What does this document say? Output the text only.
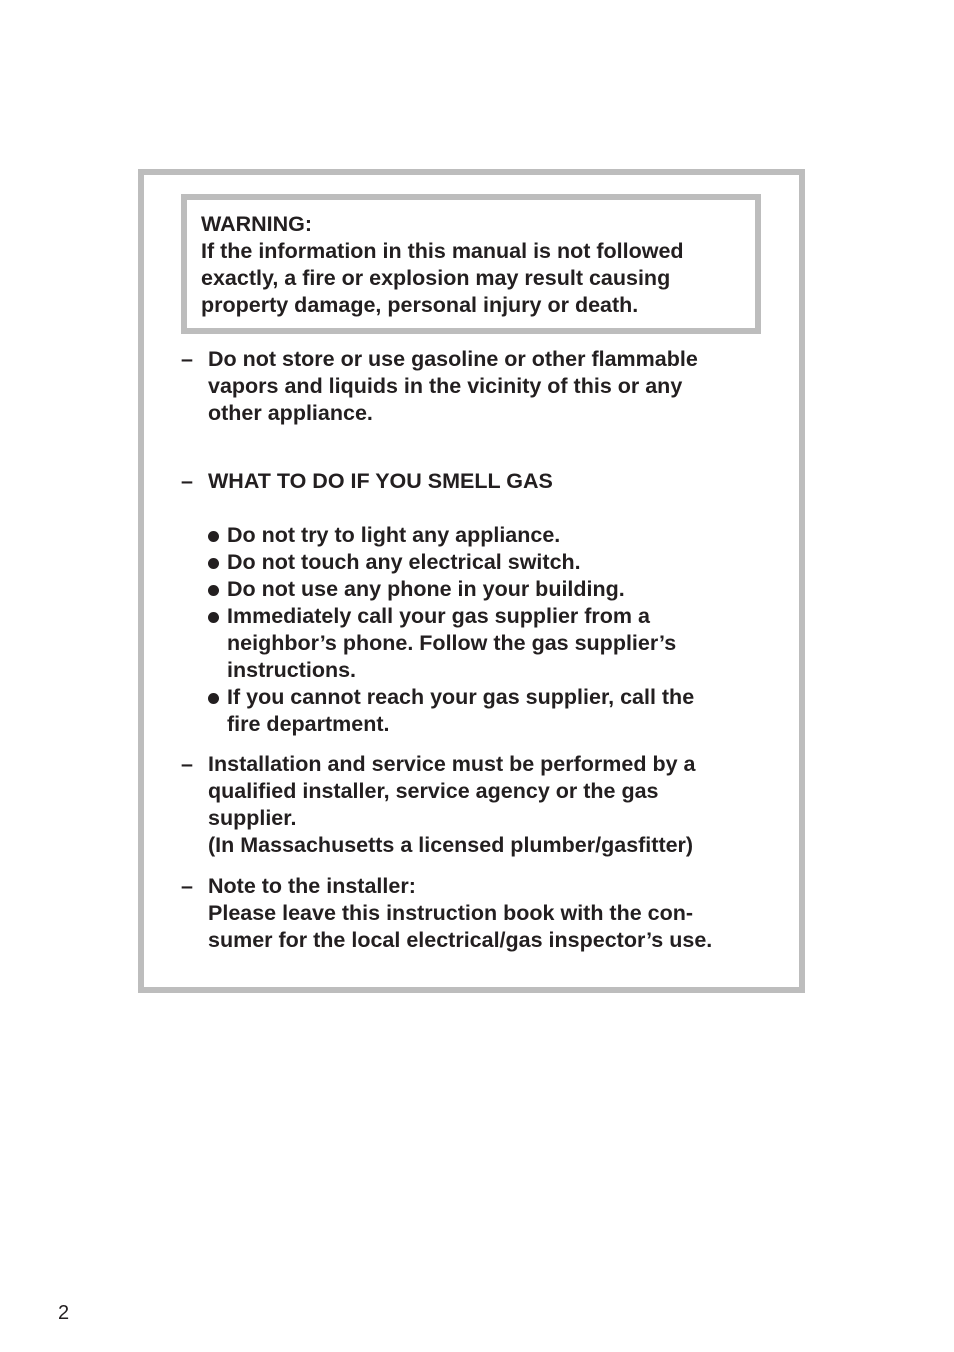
WARNING:
If the information in this manual is not followed
exactly, a fire or explosion may result causing
property damage, personal injury or death.
– Do not store or use gasoline or other flammable
vapors and liquids in the vicinity of this or any
other appliance.
– WHAT TO DO IF YOU SMELL GAS
Do not try to light any appliance.
Do not touch any electrical switch.
Do not use any phone in your building.
Immediately call your gas supplier from a
neighbor’s phone. Follow the gas supplier’s
instructions.
If you cannot reach your gas supplier, call the
fire department.
– Installation and service must be performed by a
qualified installer, service agency or the gas
supplier.
(In Massachusetts a licensed plumber/gasfitter)
– Note to the installer:
Please leave this instruction book with the con-
sumer for the local electrical/gas inspector’s use.
2
